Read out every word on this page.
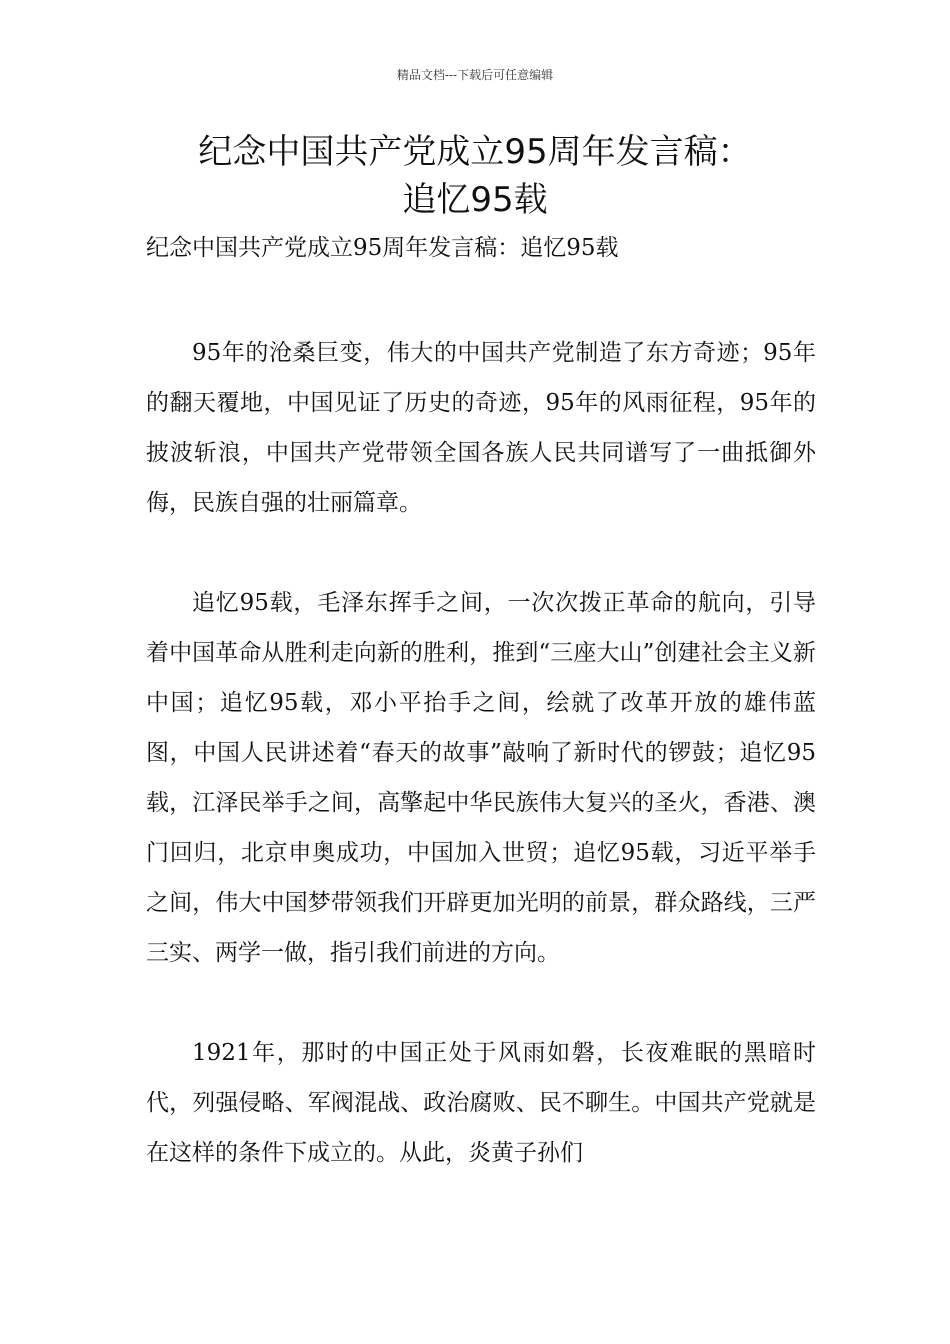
精品文档---下载后可任意编辑
纪念中国共产党成立95周年发言稿：
追忆95载

纪念中国共产党成立95周年发言稿：追忆95载

95年的沧桑巨变，伟大的中国共产党制造了东方奇迹；95年的翻天覆地，中国见证了历史的奇迹，95年的风雨征程，95年的披波斩浪，中国共产党带领全国各族人民共同谱写了一曲抵御外侮，民族自强的壮丽篇章。

追忆95载，毛泽东挥手之间，一次次拨正革命的航向，引导着中国革命从胜利走向新的胜利，推到“三座大山”创建社会主义新中国；追忆95载，邓小平抬手之间，绘就了改革开放的雄伟蓝图，中国人民讲述着“春天的故事”敲响了新时代的锣鼓；追忆95载，江泽民举手之间，高擎起中华民族伟大复兴的圣火，香港、澳门回归，北京申奥成功，中国加入世贸；追忆95载，习近平举手之间，伟大中国梦带领我们开辟更加光明的前景，群众路线，三严三实、两学一做，指引我们前进的方向。

1921年，那时的中国正处于风雨如磐，长夜难眠的黑暗时代，列强侵略、军阀混战、政治腐败、民不聊生。中国共产党就是在这样的条件下成立的。从此，炎黄子孙们
